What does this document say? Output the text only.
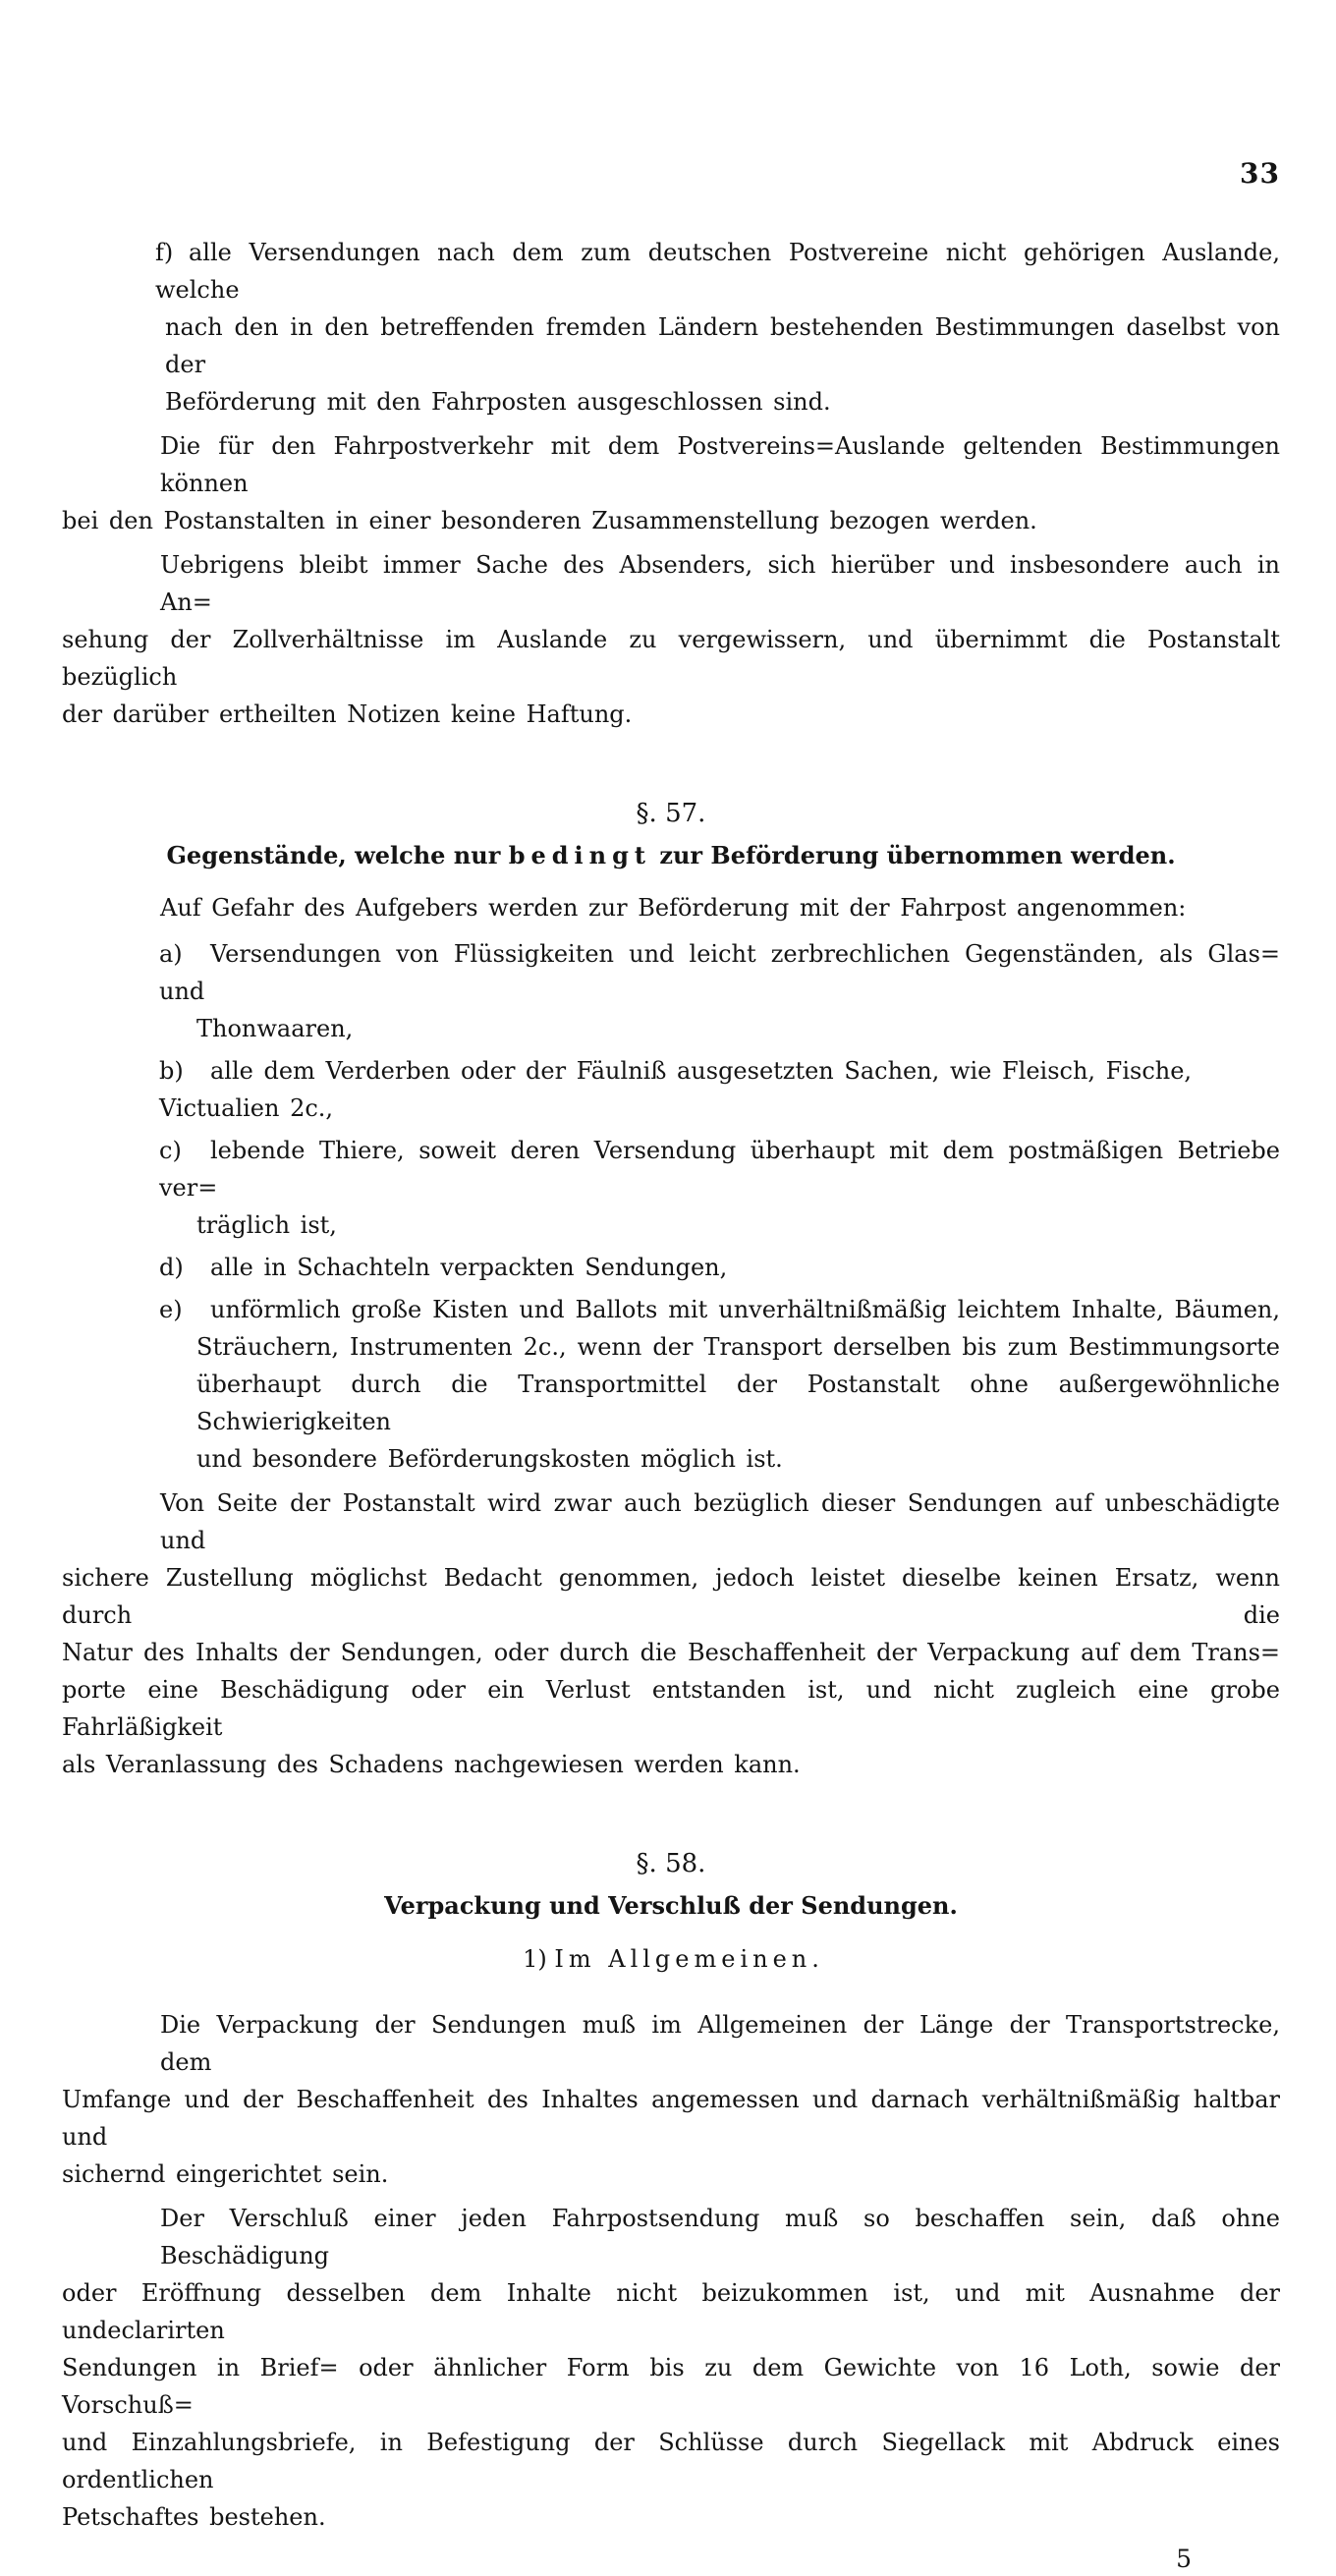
33
f) alle Versendungen nach dem zum deutschen Postvereine nicht gehörigen Auslande, welche
nach den in den betreffenden fremden Ländern bestehenden Bestimmungen daselbst von der
Beförderung mit den Fahrposten ausgeschlossen sind.
Die für den Fahrpostverkehr mit dem Postvereins=Auslande geltenden Bestimmungen können
bei den Postanstalten in einer besonderen Zusammenstellung bezogen werden.
Uebrigens bleibt immer Sache des Absenders, sich hierüber und insbesondere auch in An=
sehung der Zollverhältnisse im Auslande zu vergewissern, und übernimmt die Postanstalt bezüglich
der darüber ertheilten Notizen keine Haftung.
§. 57.
Gegenstände, welche nur bedingt zur Beförderung übernommen werden.
Auf Gefahr des Aufgebers werden zur Beförderung mit der Fahrpost angenommen:
a) Versendungen von Flüssigkeiten und leicht zerbrechlichen Gegenständen, als Glas= und
Thonwaaren,
b) alle dem Verderben oder der Fäulniß ausgesetzten Sachen, wie Fleisch, Fische, Victualien 2c.,
c) lebende Thiere, soweit deren Versendung überhaupt mit dem postmäßigen Betriebe ver=
träglich ist,
d) alle in Schachteln verpackten Sendungen,
e) unförmlich große Kisten und Ballots mit unverhältnißmäßig leichtem Inhalte, Bäumen,
Sträuchern, Instrumenten 2c., wenn der Transport derselben bis zum Bestimmungsorte
überhaupt durch die Transportmittel der Postanstalt ohne außergewöhnliche Schwierigkeiten
und besondere Beförderungskosten möglich ist.
Von Seite der Postanstalt wird zwar auch bezüglich dieser Sendungen auf unbeschädigte und
sichere Zustellung möglichst Bedacht genommen, jedoch leistet dieselbe keinen Ersatz, wenn durch die
Natur des Inhalts der Sendungen, oder durch die Beschaffenheit der Verpackung auf dem Trans=
porte eine Beschädigung oder ein Verlust entstanden ist, und nicht zugleich eine grobe Fahrläßigkeit
als Veranlassung des Schadens nachgewiesen werden kann.
§. 58.
Verpackung und Verschluß der Sendungen.
1) Im Allgemeinen.
Die Verpackung der Sendungen muß im Allgemeinen der Länge der Transportstrecke, dem
Umfange und der Beschaffenheit des Inhaltes angemessen und darnach verhältnißmäßig haltbar und
sichernd eingerichtet sein.
Der Verschluß einer jeden Fahrpostsendung muß so beschaffen sein, daß ohne Beschädigung
oder Eröffnung desselben dem Inhalte nicht beizukommen ist, und mit Ausnahme der undeclarirten
Sendungen in Brief= oder ähnlicher Form bis zu dem Gewichte von 16 Loth, sowie der Vorschuß=
und Einzahlungsbriefe, in Befestigung der Schlüsse durch Siegellack mit Abdruck eines ordentlichen
Petschaftes bestehen.
5
